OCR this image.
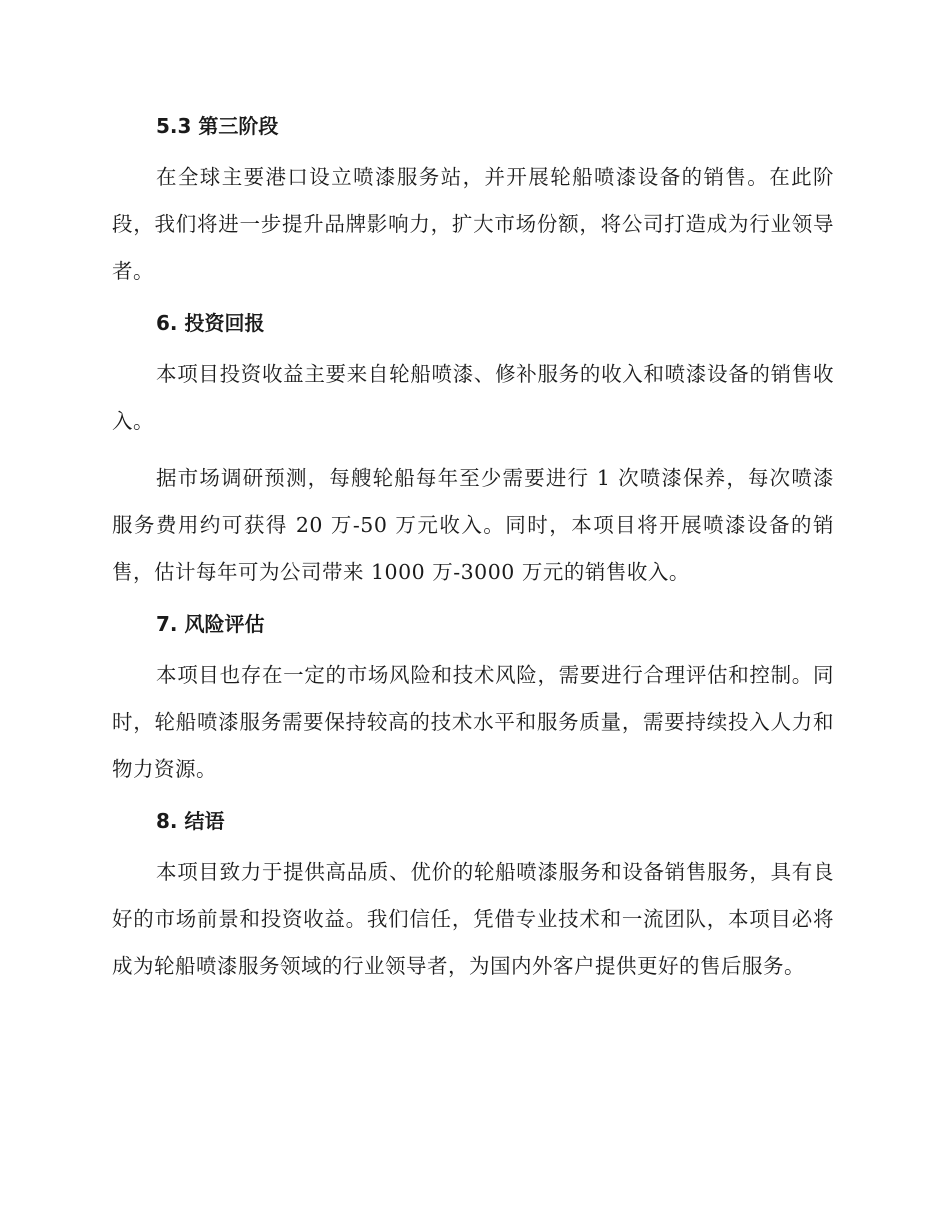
5.3 第三阶段

在全球主要港口设立喷漆服务站，并开展轮船喷漆设备的销售。在此阶段，我们将进一步提升品牌影响力，扩大市场份额，将公司打造成为行业领导者。

6. 投资回报

本项目投资收益主要来自轮船喷漆、修补服务的收入和喷漆设备的销售收入。

据市场调研预测，每艘轮船每年至少需要进行 1 次喷漆保养，每次喷漆服务费用约可获得 20 万-50 万元收入。同时，本项目将开展喷漆设备的销售，估计每年可为公司带来 1000 万-3000 万元的销售收入。

7. 风险评估

本项目也存在一定的市场风险和技术风险，需要进行合理评估和控制。同时，轮船喷漆服务需要保持较高的技术水平和服务质量，需要持续投入人力和物力资源。

8. 结语

本项目致力于提供高品质、优价的轮船喷漆服务和设备销售服务，具有良好的市场前景和投资收益。我们信任，凭借专业技术和一流团队，本项目必将成为轮船喷漆服务领域的行业领导者，为国内外客户提供更好的售后服务。
